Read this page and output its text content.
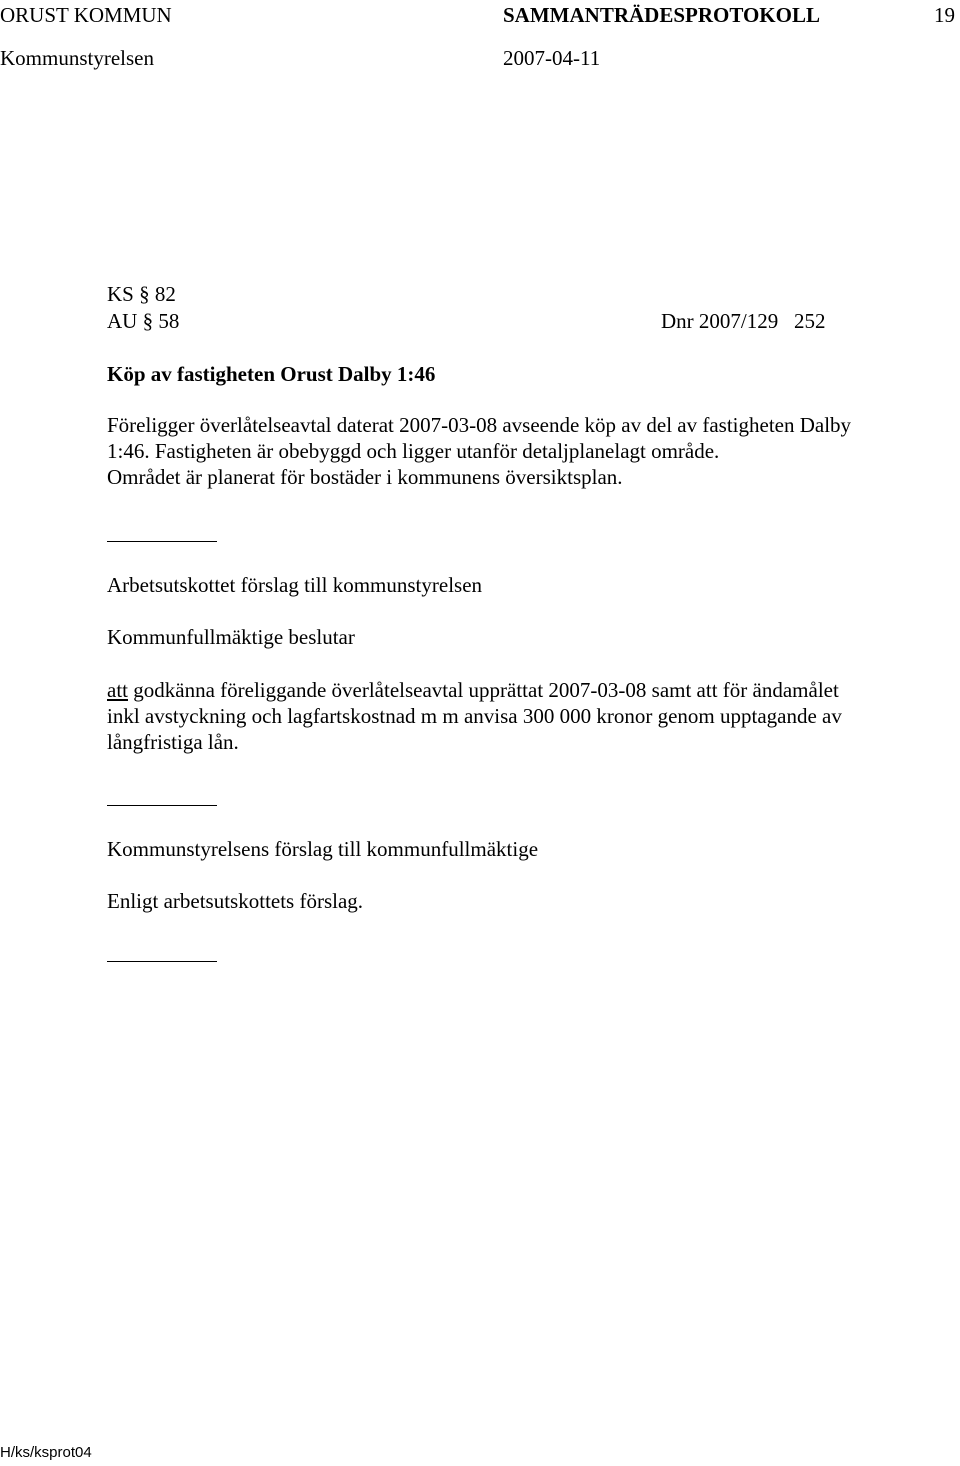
ORUST KOMMUN	SAMMANTRÄDESPROTOKOLL	19
Kommunstyrelsen	2007-04-11
KS § 82
AU § 58	Dnr 2007/129   252
Köp av fastigheten Orust Dalby 1:46
Föreligger överlåtelseavtal daterat 2007-03-08 avseende köp av del av fastigheten Dalby
1:46. Fastigheten är obebyggd och ligger utanför detaljplanelagt område.
Området är planerat för bostäder i kommunens översiktsplan.
Arbetsutskottet förslag till kommunstyrelsen
Kommunfullmäktige beslutar
att godkänna föreliggande överlåtelseavtal upprättat 2007-03-08 samt att för ändamålet
inkl avstyckning och lagfartskostnad m m anvisa 300 000 kronor genom upptagande av
långfristiga lån.
Kommunstyrelsens förslag till kommunfullmäktige
Enligt arbetsutskottets förslag.
H/ks/ksprot04
